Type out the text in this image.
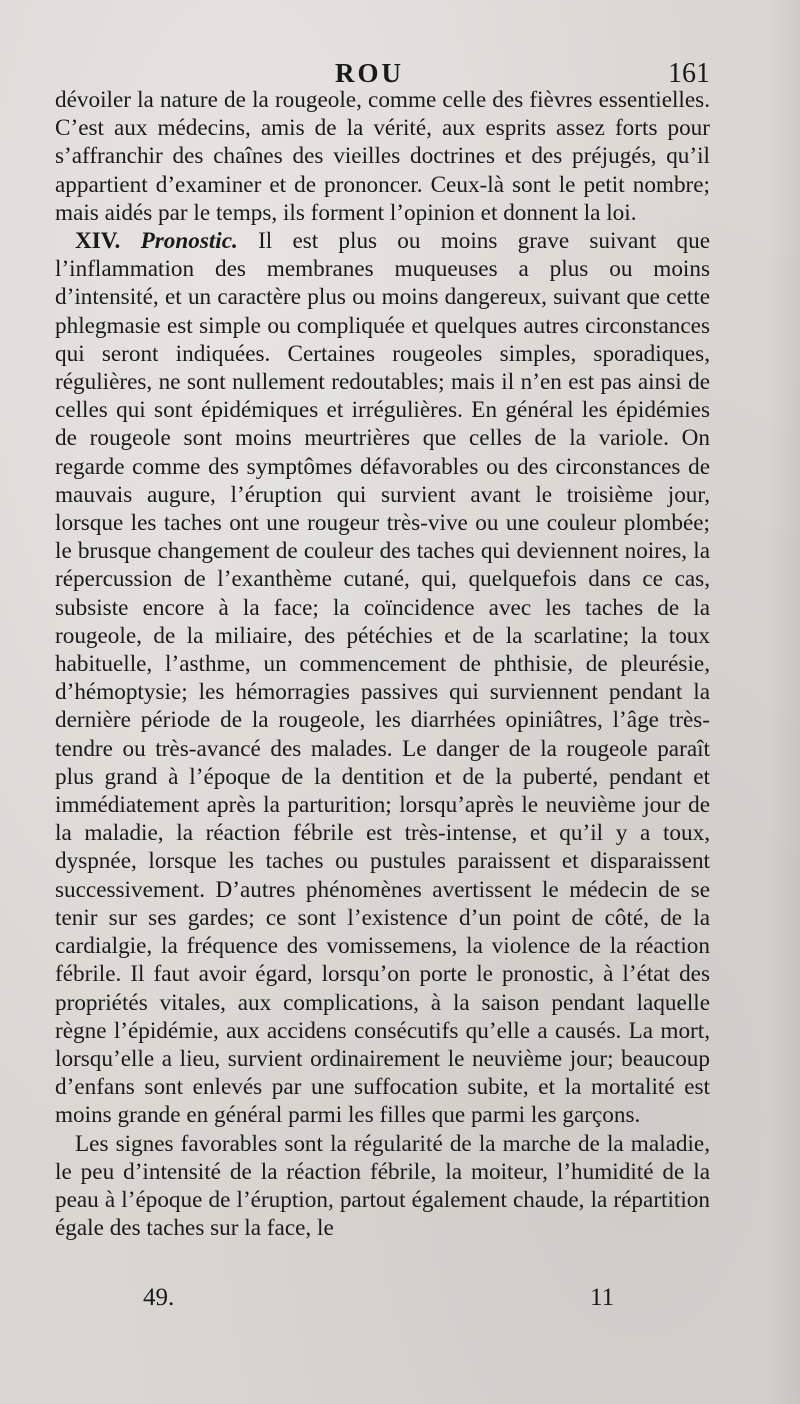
ROU	161

dévoiler la nature de la rougeole, comme celle des fièvres essentielles. C’est aux médecins, amis de la vérité, aux esprits assez forts pour s’affranchir des chaînes des vieilles doctrines et des préjugés, qu’il appartient d’examiner et de prononcer. Ceux-là sont le petit nombre; mais aidés par le temps, ils forment l’opinion et donnent la loi.

XIV. Pronostic. Il est plus ou moins grave suivant que l’inflammation des membranes muqueuses a plus ou moins d’intensité, et un caractère plus ou moins dangereux, suivant que cette phlegmasie est simple ou compliquée et quelques autres circonstances qui seront indiquées. Certaines rougeoles simples, sporadiques, régulières, ne sont nullement redoutables; mais il n’en est pas ainsi de celles qui sont épidémiques et irrégulières. En général les épidémies de rougeole sont moins meurtrières que celles de la variole. On regarde comme des symptômes défavorables ou des circonstances de mauvais augure, l’éruption qui survient avant le troisième jour, lorsque les taches ont une rougeur très-vive ou une couleur plombée; le brusque changement de couleur des taches qui deviennent noires, la répercussion de l’exanthème cutané, qui, quelquefois dans ce cas, subsiste encore à la face; la coïncidence avec les taches de la rougeole, de la miliaire, des pétéchies et de la scarlatine; la toux habituelle, l’asthme, un commencement de phthisie, de pleurésie, d’hémoptysie; les hémorragies passives qui surviennent pendant la dernière période de la rougeole, les diarrhées opiniâtres, l’âge très-tendre ou très-avancé des malades. Le danger de la rougeole paraît plus grand à l’époque de la dentition et de la puberté, pendant et immédiatement après la parturition; lorsqu’après le neuvième jour de la maladie, la réaction fébrile est très-intense, et qu’il y a toux, dyspnée, lorsque les taches ou pustules paraissent et disparaissent successivement. D’autres phénomènes avertissent le médecin de se tenir sur ses gardes; ce sont l’existence d’un point de côté, de la cardialgie, la fréquence des vomissemens, la violence de la réaction fébrile. Il faut avoir égard, lorsqu’on porte le pronostic, à l’état des propriétés vitales, aux complications, à la saison pendant laquelle règne l’épidémie, aux accidens consécutifs qu’elle a causés. La mort, lorsqu’elle a lieu, survient ordinairement le neuvième jour; beaucoup d’enfans sont enlevés par une suffocation subite, et la mortalité est moins grande en général parmi les filles que parmi les garçons.

Les signes favorables sont la régularité de la marche de la maladie, le peu d’intensité de la réaction fébrile, la moiteur, l’humidité de la peau à l’époque de l’éruption, partout également chaude, la répartition égale des taches sur la face, le

49.	11
